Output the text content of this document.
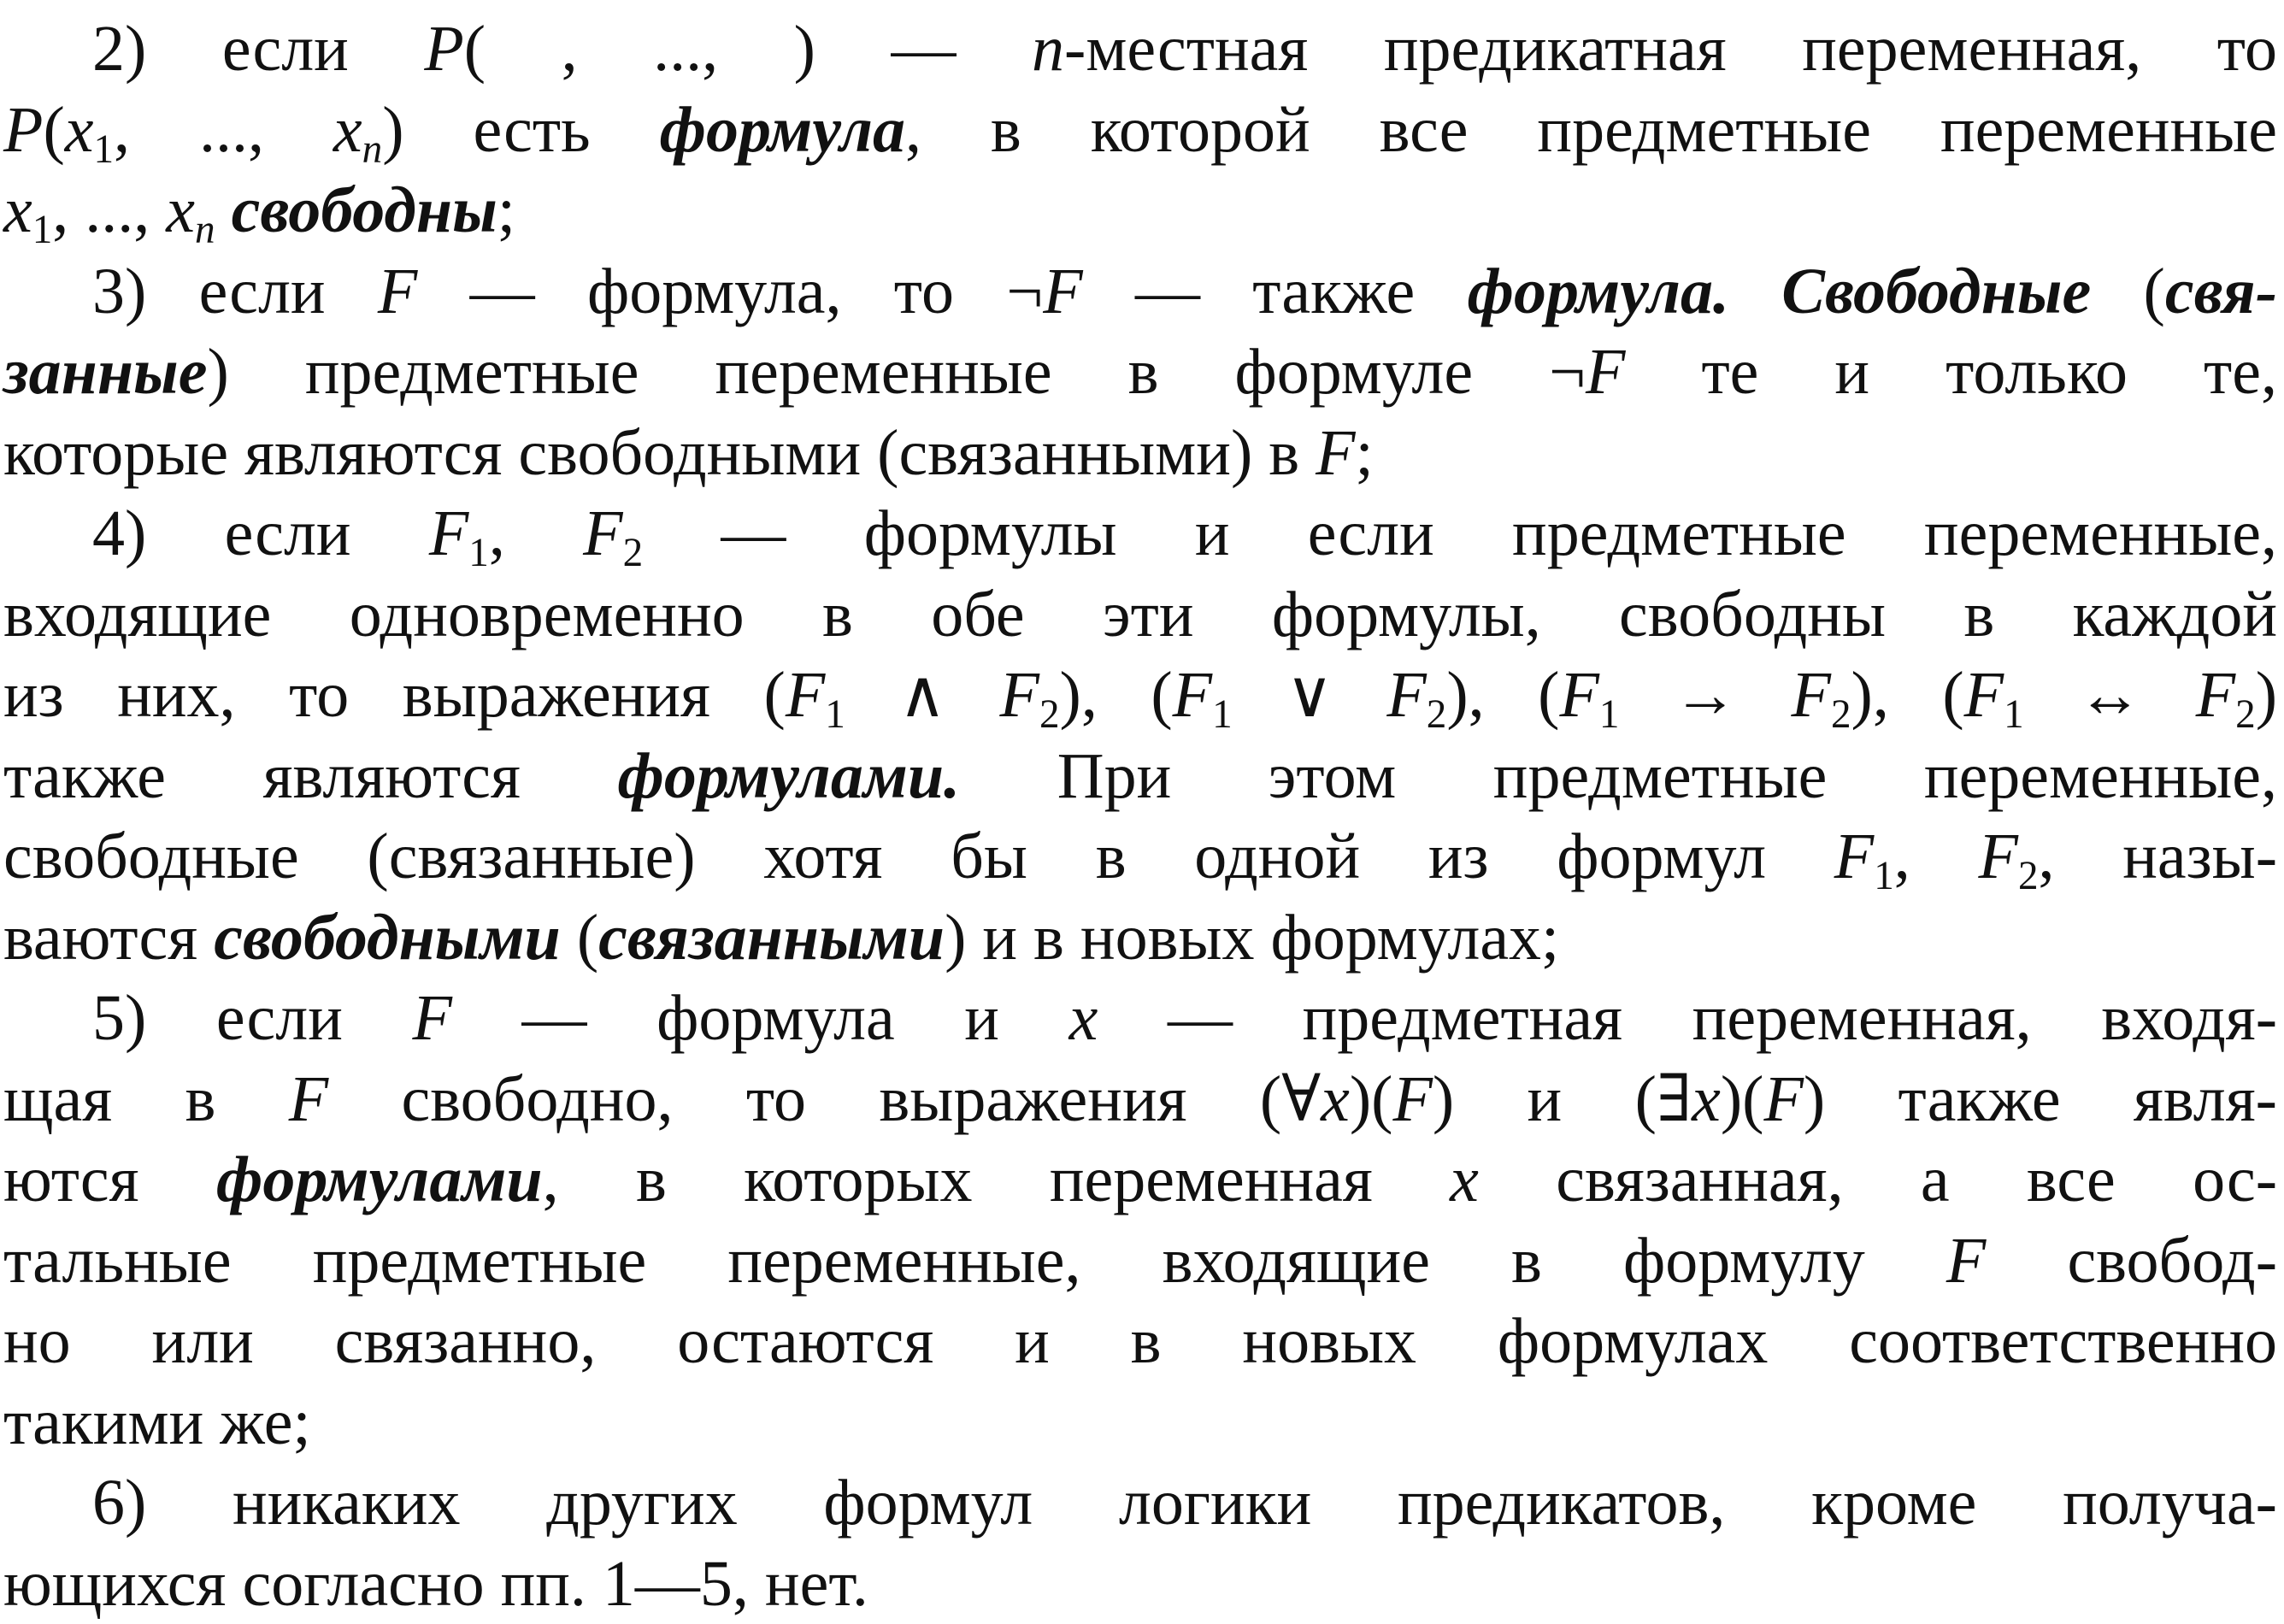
2) если P( , ..., ) — n-местная предикатная переменная, то
$P(x_1$, ..., $x_n$) есть формула, в которой все предметные переменные
$x_1$, ..., $x_n$ свободны;
3) если F — формула, то ¬F — также формула. Свободные (свя-
занные) предметные переменные в формуле ¬F те и только те,
которые являются свободными (связанными) в F;
4) если $F_1$, $F_2$ — формулы и если предметные переменные,
входящие одновременно в обе эти формулы, свободны в каждой
из них, то выражения ($F_1$ ∧ $F_2$), ($F_1$ ∨ $F_2$), $(F_1 \to F_2)$, ($F_1$ ↔ $F_2$)
также являются формулами. При этом предметные переменные,
свободные (связанные) хотя бы в одной из формул $F_1$, $F_2$, назы-
ваются свободными (связанными) и в новых формулах;
5) если F — формула и x — предметная переменная, входя-
щая в F свободно, то выражения (∀x)(F) и (∃x)(F) также явля-
ются формулами, в которых переменная x связанная, а все ос-
тальные предметные переменные, входящие в формулу F свобод-
но или связанно, остаются и в новых формулах соответственно
такими же;
6) никаких других формул логики предикатов, кроме получа-
ющихся согласно пп. 1—5, нет.
